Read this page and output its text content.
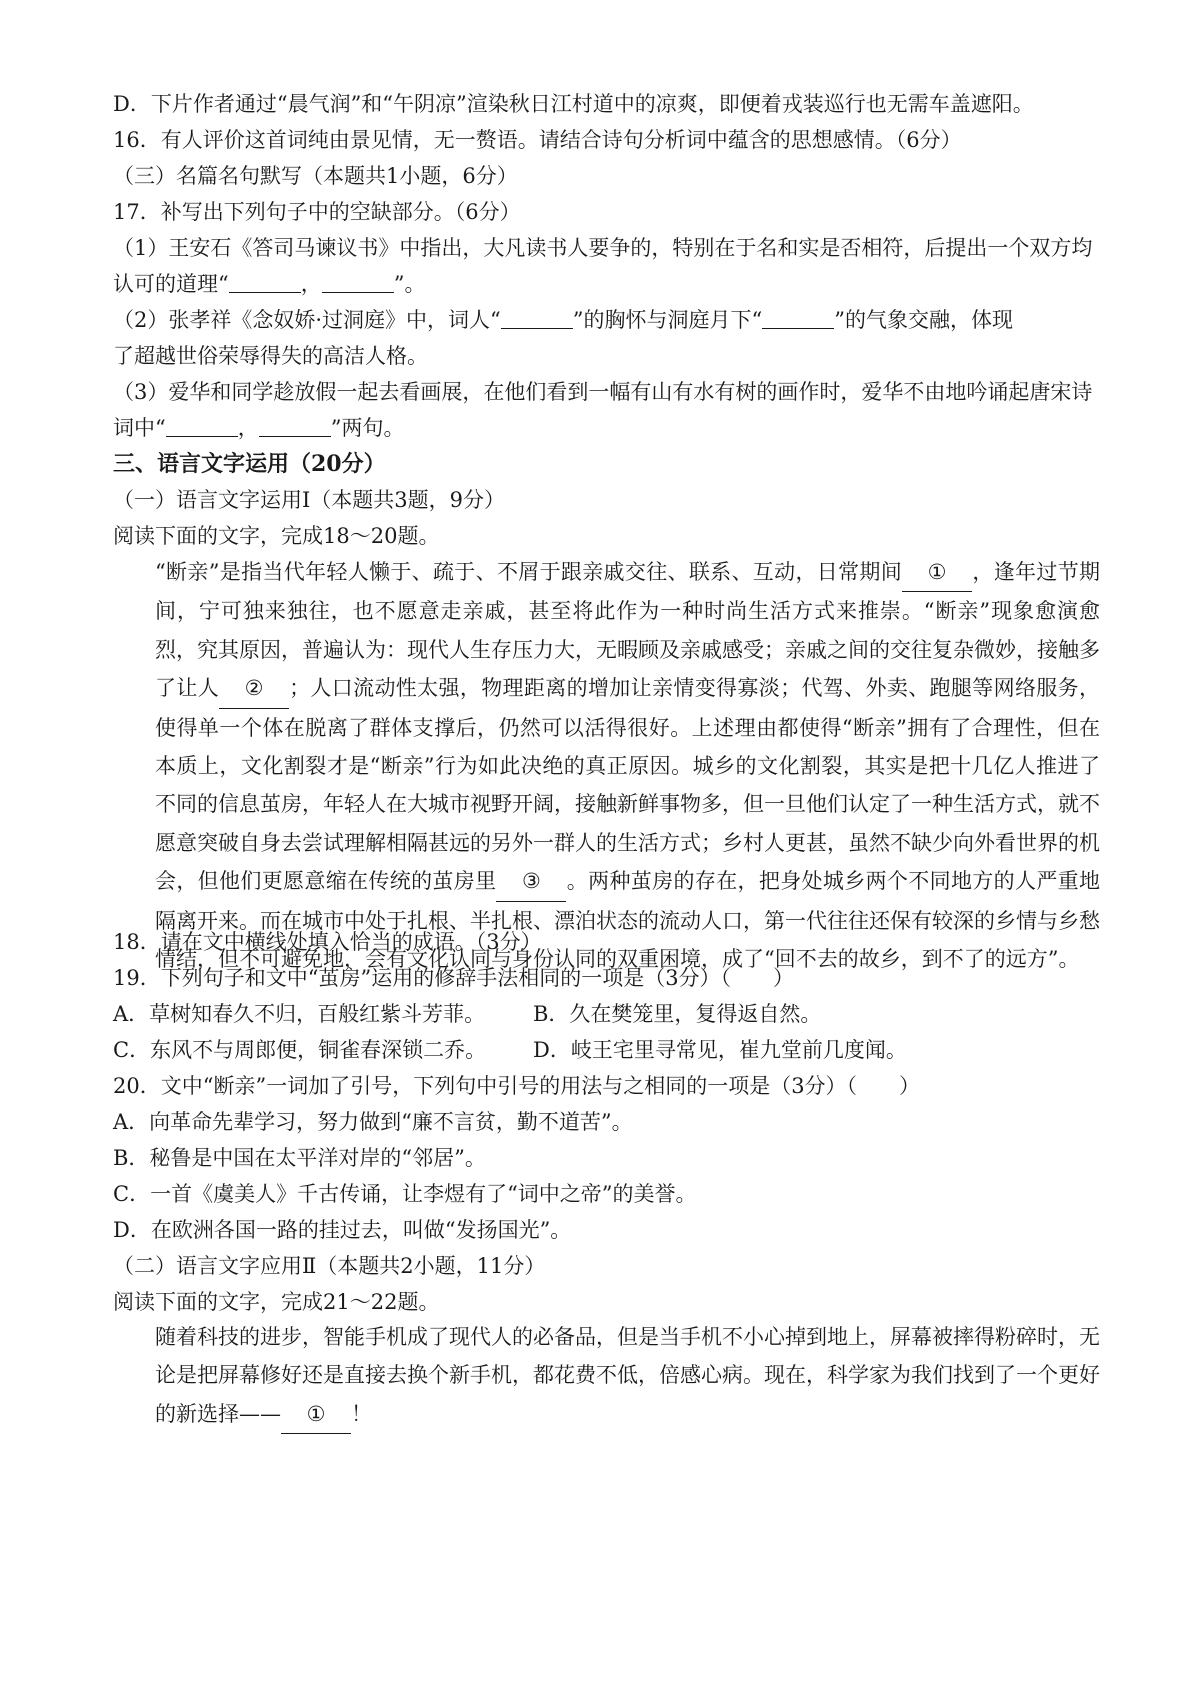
D．下片作者通过“晨气润”和“午阴凉”渲染秋日江村道中的凉爽，即便着戎装巡行也无需车盖遮阳。
16．有人评价这首词纯由景见情，无一赘语。请结合诗句分析词中蕴含的思想感情。（6分）
（三）名篇名句默写（本题共1小题，6分）
17．补写出下列句子中的空缺部分。（6分）
（1）王安石《答司马谏议书》中指出，大凡读书人要争的，特别在于名和实是否相符，后提出一个双方均
认可的道理“	，	”。
（2）张孝祥《念奴娇·过洞庭》中，词人“	”的胸怀与洞庭月下“	”的气象交融，体现
了超越世俗荣辱得失的高洁人格。
（3）爱华和同学趁放假一起去看画展，在他们看到一幅有山有水有树的画作时，爱华不由地吟诵起唐宋诗
词中“	，	”两句。
三、语言文字运用（20分）
（一）语言文字运用Ⅰ（本题共3题，9分）
阅读下面的文字，完成18～20题。
“断亲”是指当代年轻人懒于、疏于、不屑于跟亲戚交往、联系、互动，日常期间 ① ，逢年过节期间，宁可独来独往，也不愿意走亲戚，甚至将此作为一种时尚生活方式来推崇。“断亲”现象愈演愈烈，究其原因，普遍认为：现代人生存压力大，无暇顾及亲戚感受；亲戚之间的交往复杂微妙，接触多了让人 ② ；人口流动性太强，物理距离的增加让亲情变得寡淡；代驾、外卖、跑腿等网络服务，使得单一个体在脱离了群体支撑后，仍然可以活得很好。上述理由都使得“断亲”拥有了合理性，但在本质上，文化割裂才是“断亲”行为如此决绝的真正原因。城乡的文化割裂，其实是把十几亿人推进了不同的信息茧房，年轻人在大城市视野开阔，接触新鲜事物多，但一旦他们认定了一种生活方式，就不愿意突破自身去尝试理解相隔甚远的另外一群人的生活方式；乡村人更甚，虽然不缺少向外看世界的机会，但他们更愿意缩在传统的茧房里 ③ 。两种茧房的存在，把身处城乡两个不同地方的人严重地隔离开来。而在城市中处于扎根、半扎根、漂泊状态的流动人口，第一代往往还保有较深的乡情与乡愁情结，但不可避免地，会有文化认同与身份认同的双重困境，成了“回不去的故乡，到不了的远方”。
18．请在文中横线处填入恰当的成语。（3分）
19．下列句子和文中“茧房”运用的修辞手法相同的一项是（3分）（　　）
A．草树知春久不归，百般红紫斗芳菲。 B．久在樊笼里，复得返自然。
C．东风不与周郎便，铜雀春深锁二乔。 D．岐王宅里寻常见，崔九堂前几度闻。
20．文中“断亲”一词加了引号，下列句中引号的用法与之相同的一项是（3分）（　　）
A．向革命先辈学习，努力做到“廉不言贫，勤不道苦”。
B．秘鲁是中国在太平洋对岸的“邻居”。
C．一首《虞美人》千古传诵，让李煜有了“词中之帝”的美誉。
D．在欧洲各国一路的挂过去，叫做“发扬国光”。
（二）语言文字应用Ⅱ（本题共2小题，11分）
阅读下面的文字，完成21～22题。
随着科技的进步，智能手机成了现代人的必备品，但是当手机不小心掉到地上，屏幕被摔得粉碎时，无论是把屏幕修好还是直接去换个新手机，都花费不低，倍感心病。现在，科学家为我们找到了一个更好的新选择—— ① ！
